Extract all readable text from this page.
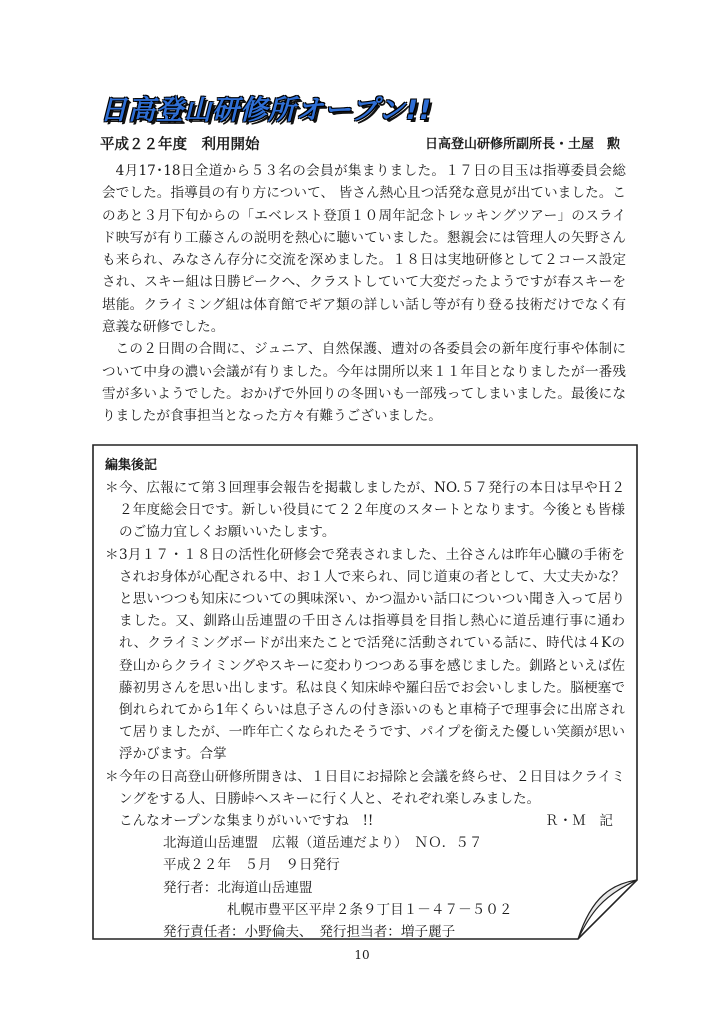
日高登山研修所オープン!!
平成２２年度　利用開始	日高登山研修所副所長・土屋　勲

4月17･18日全道から５３名の会員が集まりました。１７日の目玉は指導委員会総会でした。指導員の有り方について、 皆さん熱心且つ活発な意見が出ていました。このあと３月下旬からの「エベレスト登頂１０周年記念トレッキングツアー」のスライド映写が有り工藤さんの説明を熱心に聴いていました。懇親会には管理人の矢野さんも来られ、みなさん存分に交流を深めました。１８日は実地研修として２コース設定され、スキー組は日勝ピークへ、クラストしていて大変だったようですが春スキーを堪能。クライミング組は体育館でギア類の詳しい話し等が有り登る技術だけでなく有意義な研修でした。

この２日間の合間に、ジュニア、自然保護、遭対の各委員会の新年度行事や体制について中身の濃い会議が有りました。今年は開所以来１１年目となりましたが一番残雪が多いようでした。おかげで外回りの冬囲いも一部残ってしまいました。最後になりましたが食事担当となった方々有難うございました。

編集後記
＊ 今、広報にて第３回理事会報告を掲載しましたが、NO.５７発行の本日は早やＨ２２年度総会日です。新しい役員にて２２年度のスタートとなります。今後とも皆様のご協力宜しくお願いいたします。
＊ 3月１７・１８日の活性化研修会で発表されました、土谷さんは昨年心臓の手術をされお身体が心配される中、お１人で来られ、同じ道東の者として、大丈夫かな？と思いつつも知床についての興味深い、かつ温かい話口についつい聞き入って居りました。又、釧路山岳連盟の千田さんは指導員を目指し熱心に道岳連行事に通われ、クライミングボードが出来たことで活発に活動されている話に、時代は４Kの登山からクライミングやスキーに変わりつつある事を感じました。釧路といえば佐藤初男さんを思い出します。私は良く知床峠や羅臼岳でお会いしました。脳梗塞で倒れられてから1年くらいは息子さんの付き添いのもと車椅子で理事会に出席されて居りましたが、一昨年亡くなられたそうです、パイプを銜えた優しい笑顔が思い浮かびます。合掌
＊ 今年の日高登山研修所開きは、１日目にお掃除と会議を終らせ、２日目はクライミングをする人、日勝峠へスキーに行く人と、それぞれ楽しみました。
こんなオープンな集まりがいいですね　!!	Ｒ・Ｍ　記
北海道山岳連盟　広報（道岳連だより）　ＮＯ．５７
平成２２年　５月　９日発行
発行者：北海道山岳連盟
札幌市豊平区平岸２条９丁目１－４７－５０２
発行責任者：小野倫夫、　発行担当者：増子麗子
10
